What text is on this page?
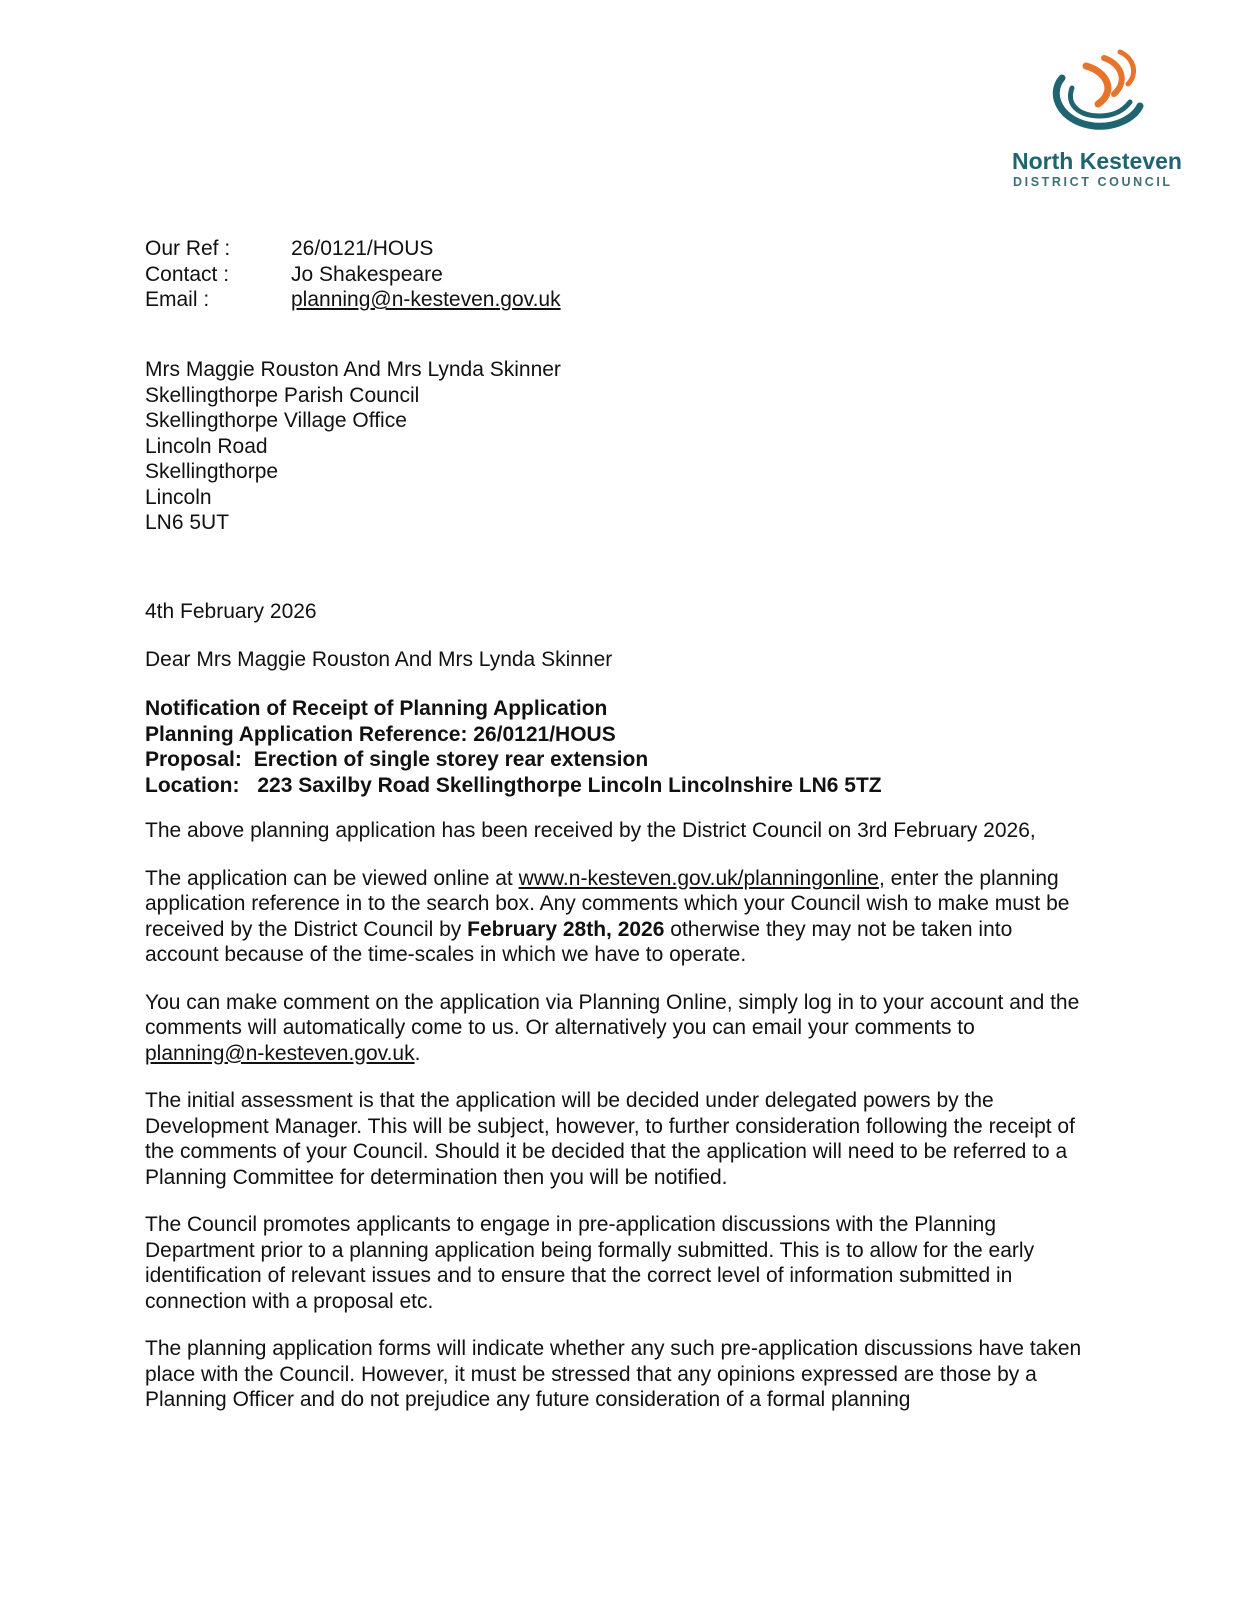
North Kesteven
DISTRICT COUNCIL
Our Ref :	26/0121/HOUS
Contact :	Jo Shakespeare
Email :	planning@n-kesteven.gov.uk
Mrs Maggie Rouston And Mrs Lynda Skinner
Skellingthorpe Parish Council
Skellingthorpe Village Office
Lincoln Road
Skellingthorpe
Lincoln
LN6 5UT
4th February 2026
Dear Mrs Maggie Rouston And Mrs Lynda Skinner
Notification of Receipt of Planning Application
Planning Application Reference: 26/0121/HOUS
Proposal: Erection of single storey rear extension
Location: 223 Saxilby Road Skellingthorpe Lincoln Lincolnshire LN6 5TZ

The above planning application has been received by the District Council on 3rd February 2026,

The application can be viewed online at www.n-kesteven.gov.uk/planningonline, enter the planning application reference in to the search box. Any comments which your Council wish to make must be received by the District Council by February 28th, 2026 otherwise they may not be taken into account because of the time-scales in which we have to operate.

You can make comment on the application via Planning Online, simply log in to your account and the comments will automatically come to us. Or alternatively you can email your comments to planning@n-kesteven.gov.uk.

The initial assessment is that the application will be decided under delegated powers by the Development Manager. This will be subject, however, to further consideration following the receipt of the comments of your Council. Should it be decided that the application will need to be referred to a Planning Committee for determination then you will be notified.

The Council promotes applicants to engage in pre-application discussions with the Planning Department prior to a planning application being formally submitted. This is to allow for the early identification of relevant issues and to ensure that the correct level of information submitted in connection with a proposal etc.

The planning application forms will indicate whether any such pre-application discussions have taken place with the Council. However, it must be stressed that any opinions expressed are those by a Planning Officer and do not prejudice any future consideration of a formal planning
